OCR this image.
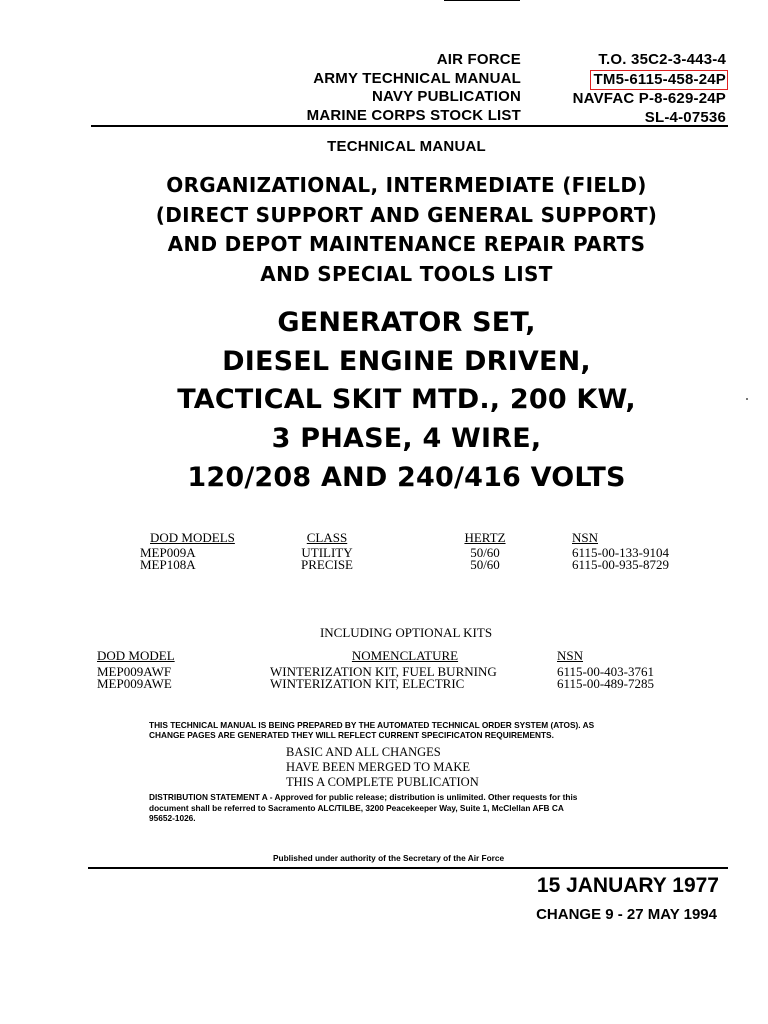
AIR FORCE
ARMY TECHNICAL MANUAL
NAVY PUBLICATION
MARINE CORPS STOCK LIST
T.O. 35C2-3-443-4
TM5-6115-458-24P
NAVFAC P-8-629-24P
SL-4-07536
TECHNICAL MANUAL
ORGANIZATIONAL, INTERMEDIATE (FIELD)
(DIRECT SUPPORT AND GENERAL SUPPORT)
AND DEPOT MAINTENANCE REPAIR PARTS
AND SPECIAL TOOLS LIST
GENERATOR SET,
DIESEL ENGINE DRIVEN,
TACTICAL SKIT MTD., 200 KW,
3 PHASE, 4 WIRE,
120/208 AND 240/416 VOLTS
DOD MODELS	CLASS	HERTZ	NSN
MEP009A	UTILITY	50/60	6115-00-133-9104
MEP108A	PRECISE	50/60	6115-00-935-8729
INCLUDING OPTIONAL KITS
DOD MODEL	NOMENCLATURE	NSN
MEP009AWF	WINTERIZATION KIT, FUEL BURNING	6115-00-403-3761
MEP009AWE	WINTERIZATION KIT, ELECTRIC	6115-00-489-7285
THIS TECHNICAL MANUAL IS BEING PREPARED BY THE AUTOMATED TECHNICAL ORDER SYSTEM (ATOS). AS
CHANGE PAGES ARE GENERATED THEY WILL REFLECT CURRENT SPECIFICATON REQUIREMENTS.
BASIC AND ALL CHANGES
HAVE BEEN MERGED TO MAKE
THIS A COMPLETE PUBLICATION
DISTRIBUTION STATEMENT A - Approved for public release; distribution is unlimited. Other requests for this
document shall be referred to Sacramento ALC/TILBE, 3200 Peacekeeper Way, Suite 1, McClellan AFB CA
95652-1026.
Published under authority of the Secretary of the Air Force
15 JANUARY 1977
CHANGE 9 - 27 MAY 1994
